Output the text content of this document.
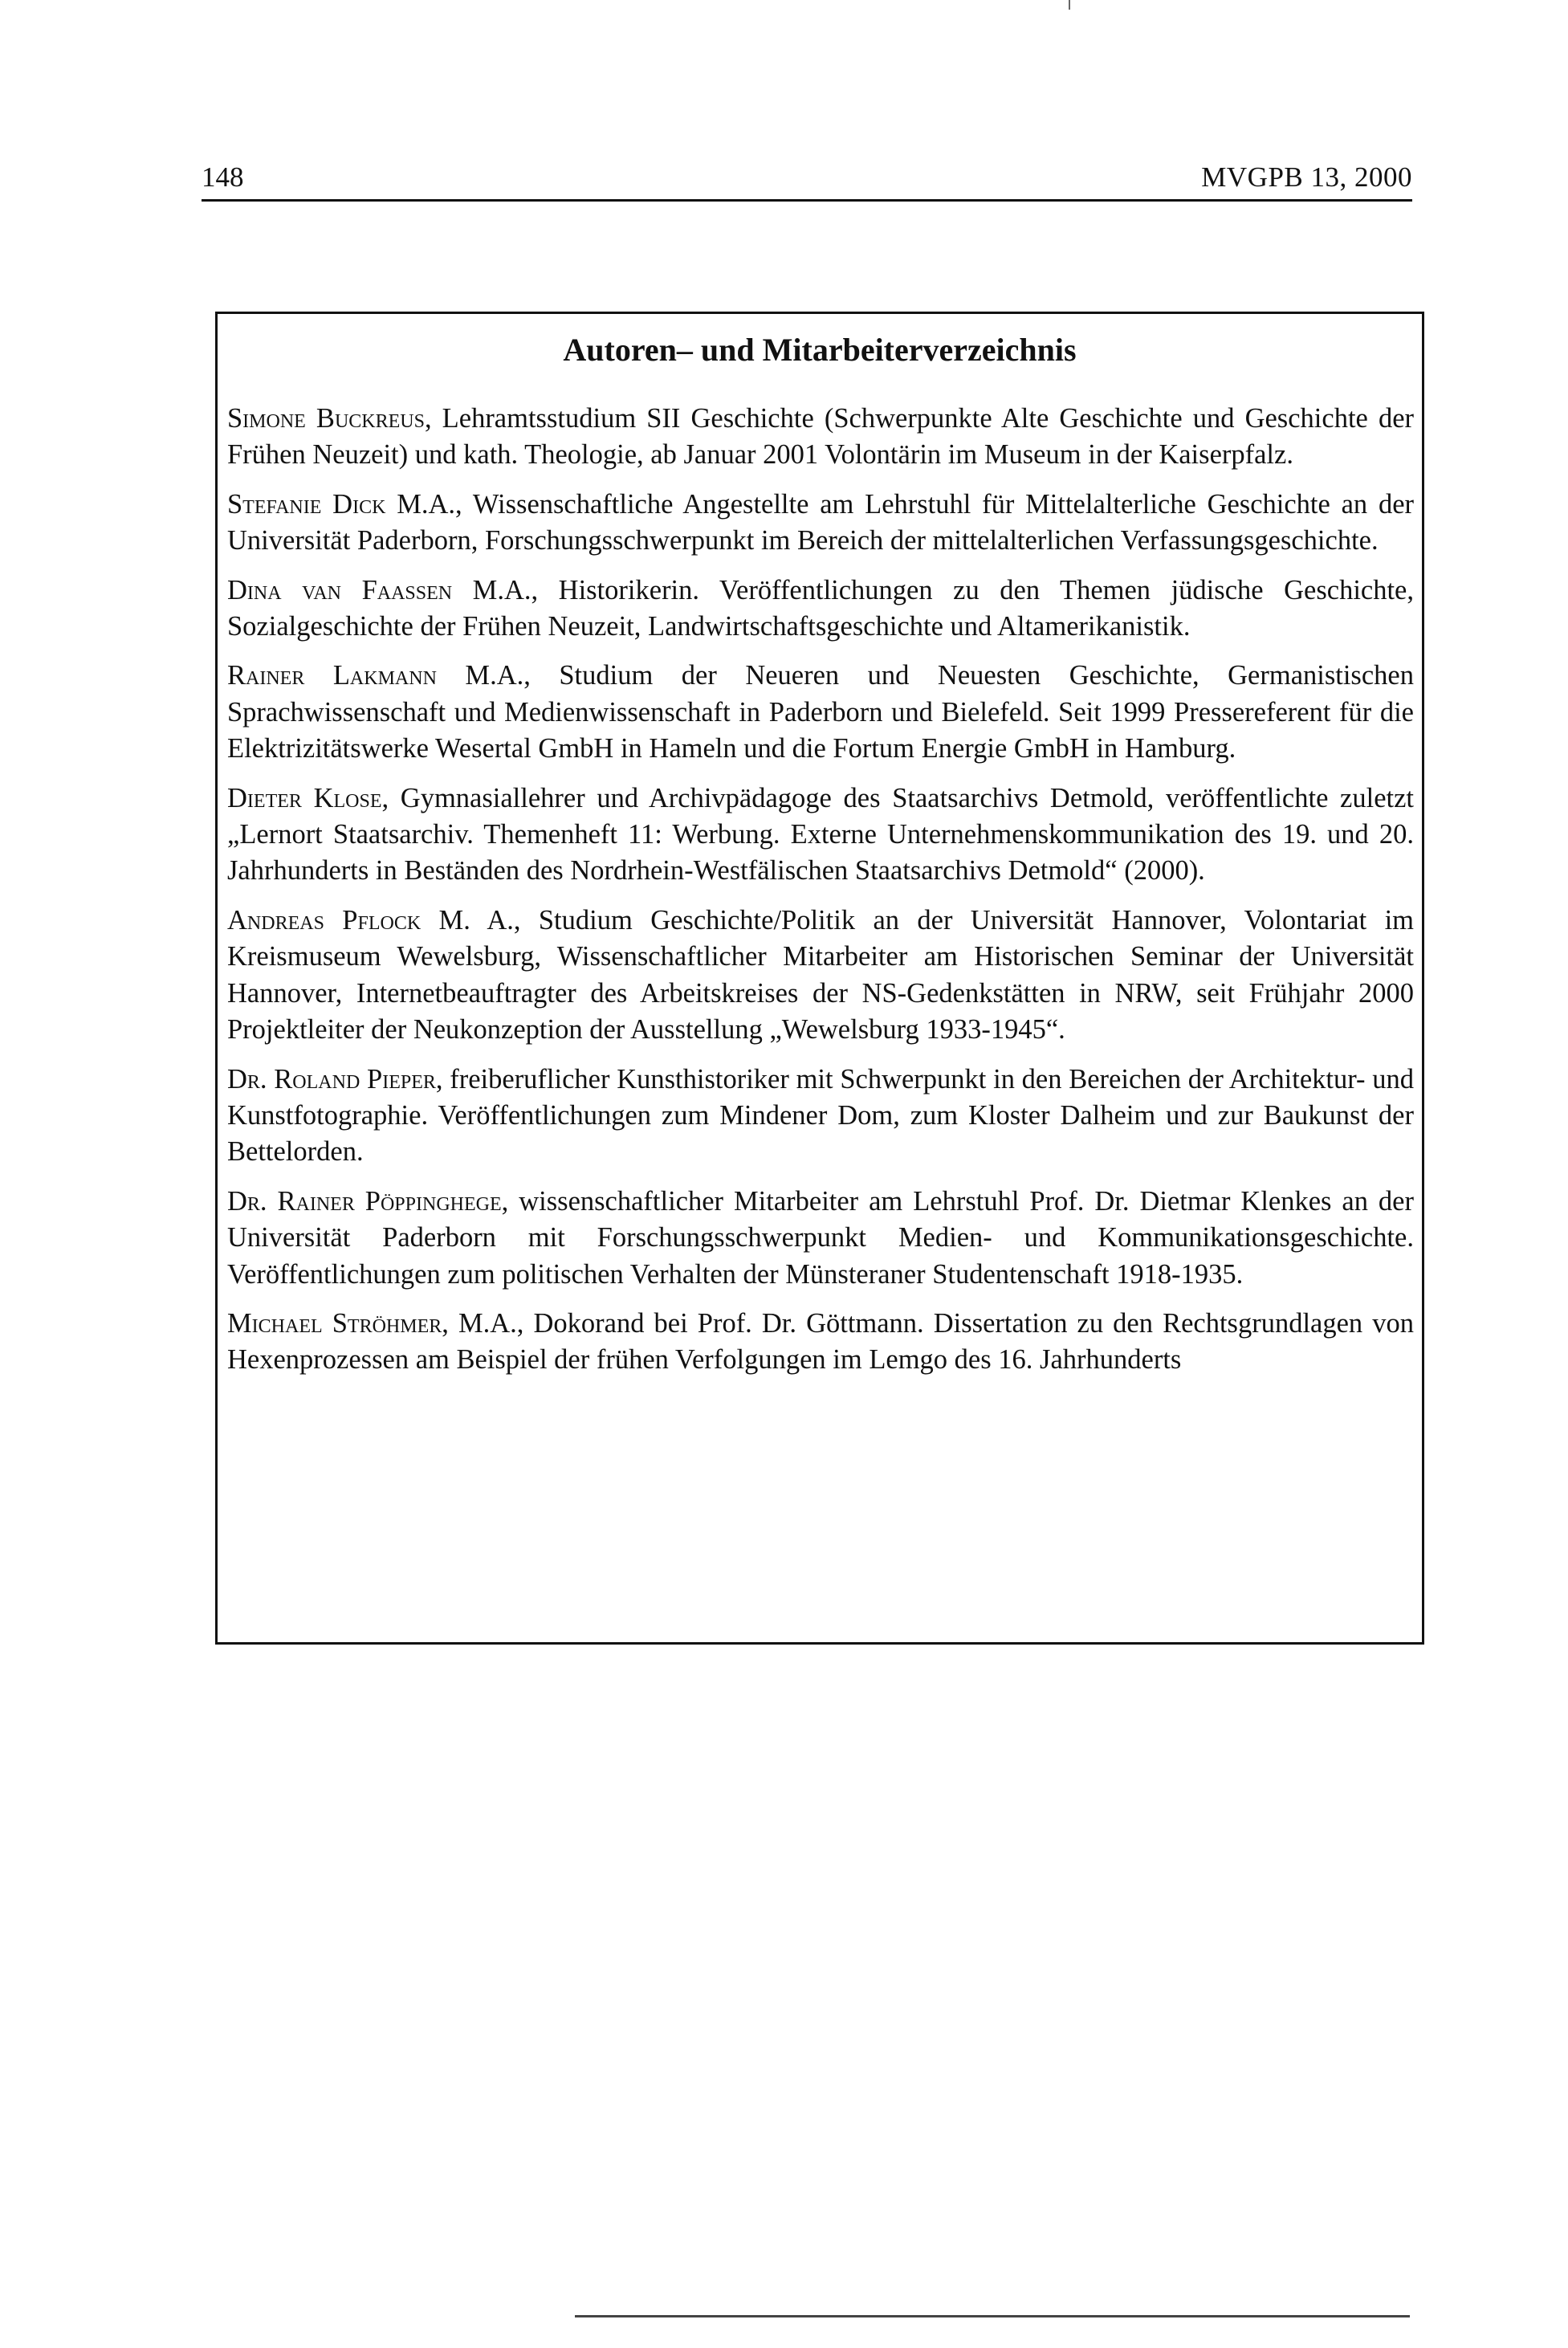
148	MVGPB 13, 2000
Autoren– und Mitarbeiterverzeichnis

Simone Buckreus, Lehramtsstudium SII Geschichte (Schwerpunkte Alte Geschichte und Geschichte der Frühen Neuzeit) und kath. Theologie, ab Januar 2001 Volontärin im Museum in der Kaiserpfalz.

Stefanie Dick M.A., Wissenschaftliche Angestellte am Lehrstuhl für Mittelalterliche Geschichte an der Universität Paderborn, Forschungsschwerpunkt im Bereich der mittelalterlichen Verfassungsgeschichte.

Dina van Faassen M.A., Historikerin. Veröffentlichungen zu den Themen jüdische Geschichte, Sozialgeschichte der Frühen Neuzeit, Landwirtschaftsgeschichte und Altamerikanistik.

Rainer Lakmann M.A., Studium der Neueren und Neuesten Geschichte, Germanistischen Sprachwissenschaft und Medienwissenschaft in Paderborn und Bielefeld. Seit 1999 Pressereferent für die Elektrizitätswerke Wesertal GmbH in Hameln und die Fortum Energie GmbH in Hamburg.

Dieter Klose, Gymnasiallehrer und Archivpädagoge des Staatsarchivs Detmold, veröffentlichte zuletzt „Lernort Staatsarchiv. Themenheft 11: Werbung. Externe Unternehmenskommunikation des 19. und 20. Jahrhunderts in Beständen des Nordrhein-Westfälischen Staatsarchivs Detmold“ (2000).

Andreas Pflock M. A., Studium Geschichte/Politik an der Universität Hannover, Volontariat im Kreismuseum Wewelsburg, Wissenschaftlicher Mitarbeiter am Historischen Seminar der Universität Hannover, Internetbeauftragter des Arbeitskreises der NS-Gedenkstätten in NRW, seit Frühjahr 2000 Projektleiter der Neukonzeption der Ausstellung „Wewelsburg 1933-1945“.

Dr. Roland Pieper, freiberuflicher Kunsthistoriker mit Schwerpunkt in den Bereichen der Architektur- und Kunstfotographie. Veröffentlichungen zum Mindener Dom, zum Kloster Dalheim und zur Baukunst der Bettelorden.

Dr. Rainer Pöppinghege, wissenschaftlicher Mitarbeiter am Lehrstuhl Prof. Dr. Dietmar Klenkes an der Universität Paderborn mit Forschungsschwerpunkt Medien- und Kommunikationsgeschichte. Veröffentlichungen zum politischen Verhalten der Münsteraner Studentenschaft 1918-1935.

Michael Ströhmer, M.A., Dokorand bei Prof. Dr. Göttmann. Dissertation zu den Rechtsgrundlagen von Hexenprozessen am Beispiel der frühen Verfolgungen im Lemgo des 16. Jahrhunderts
